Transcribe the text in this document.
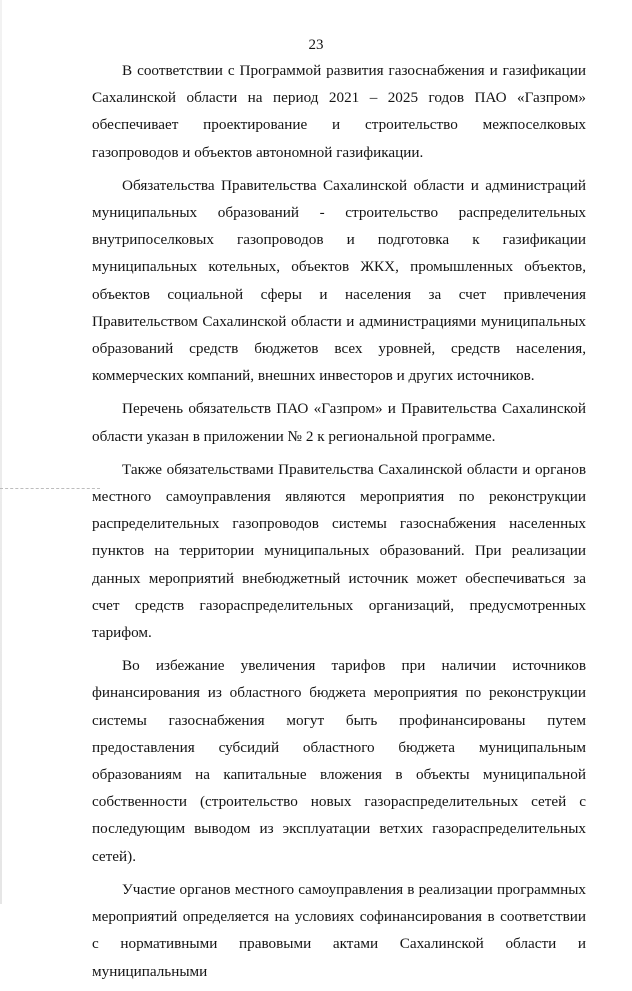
23

В соответствии с Программой развития газоснабжения и газификации Сахалинской области на период 2021 – 2025 годов ПАО «Газпром» обеспечивает проектирование и строительство межпоселковых газопроводов и объектов автономной газификации.

Обязательства Правительства Сахалинской области и администраций муниципальных образований - строительство распределительных внутрипоселковых газопроводов и подготовка к газификации муниципальных котельных, объектов ЖКХ, промышленных объектов, объектов социальной сферы и населения за счет привлечения Правительством Сахалинской области и администрациями муниципальных образований средств бюджетов всех уровней, средств населения, коммерческих компаний, внешних инвесторов и других источников.

Перечень обязательств ПАО «Газпром» и Правительства Сахалинской области указан в приложении № 2 к региональной программе.

Также обязательствами Правительства Сахалинской области и органов местного самоуправления являются мероприятия по реконструкции распределительных газопроводов системы газоснабжения населенных пунктов на территории муниципальных образований. При реализации данных мероприятий внебюджетный источник может обеспечиваться за счет средств газораспределительных организаций, предусмотренных тарифом.

Во избежание увеличения тарифов при наличии источников финансирования из областного бюджета мероприятия по реконструкции системы газоснабжения могут быть профинансированы путем предоставления субсидий областного бюджета муниципальным образованиям на капитальные вложения в объекты муниципальной собственности (строительство новых газораспределительных сетей с последующим выводом из эксплуатации ветхих газораспределительных сетей).

Участие органов местного самоуправления в реализации программных мероприятий определяется на условиях софинансирования в соответствии с нормативными правовыми актами Сахалинской области и муниципальными
